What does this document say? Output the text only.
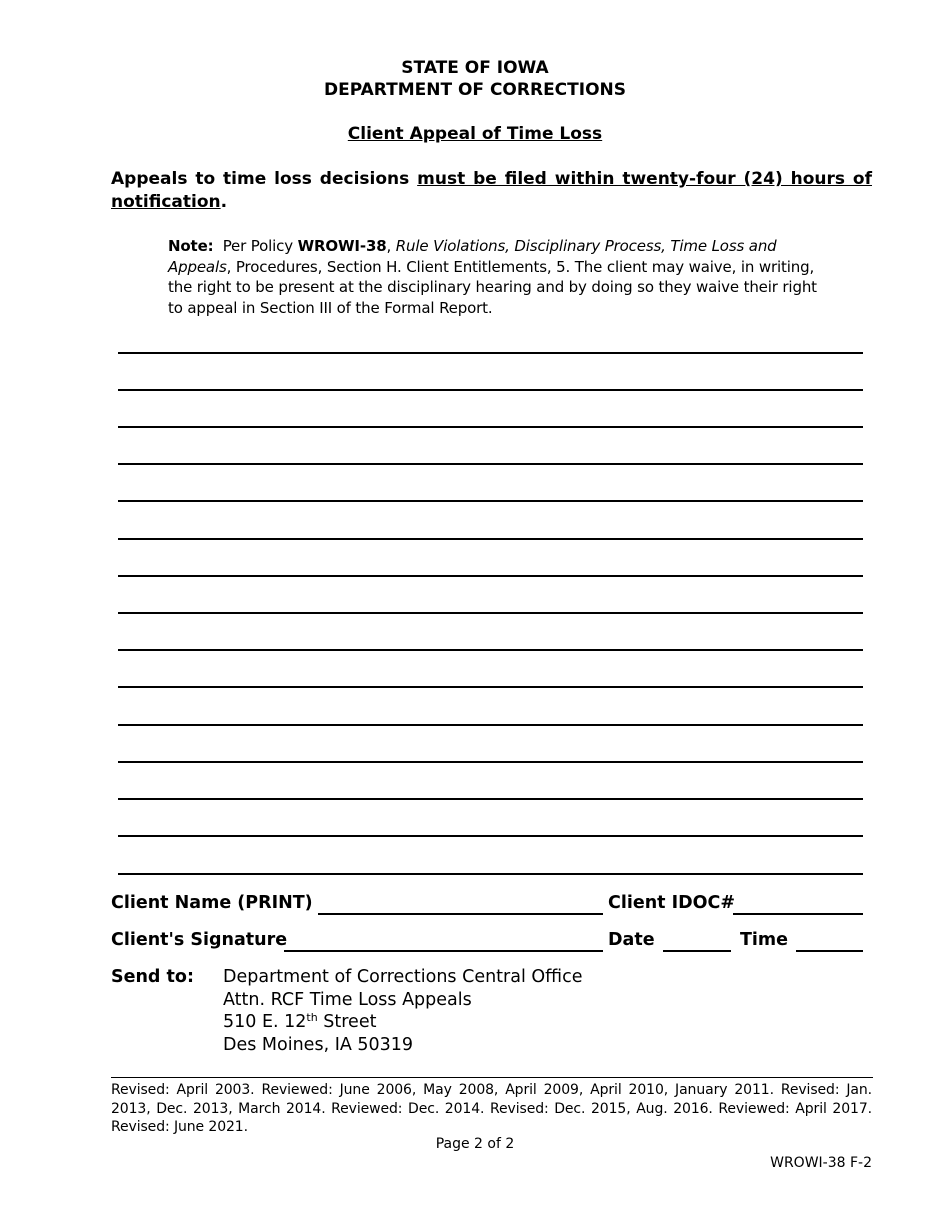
STATE OF IOWA
DEPARTMENT OF CORRECTIONS
Client Appeal of Time Loss
Appeals to time loss decisions must be filed within twenty-four (24) hours of notification.
Note:  Per Policy WROWI-38, Rule Violations, Disciplinary Process, Time Loss and Appeals, Procedures, Section H. Client Entitlements, 5. The client may waive, in writing, the right to be present at the disciplinary hearing and by doing so they waive their right to appeal in Section III of the Formal Report.
Client Name (PRINT)	Client IDOC#
Client's Signature	Date	Time
Send to: Department of Corrections Central Office
Attn. RCF Time Loss Appeals
510 E. 12th Street
Des Moines, IA 50319
Revised: April 2003. Reviewed: June 2006, May 2008, April 2009, April 2010, January 2011. Revised: Jan. 2013, Dec. 2013, March 2014. Reviewed: Dec. 2014. Revised: Dec. 2015, Aug. 2016. Reviewed: April 2017. Revised: June 2021.
Page 2 of 2
WROWI-38 F-2
